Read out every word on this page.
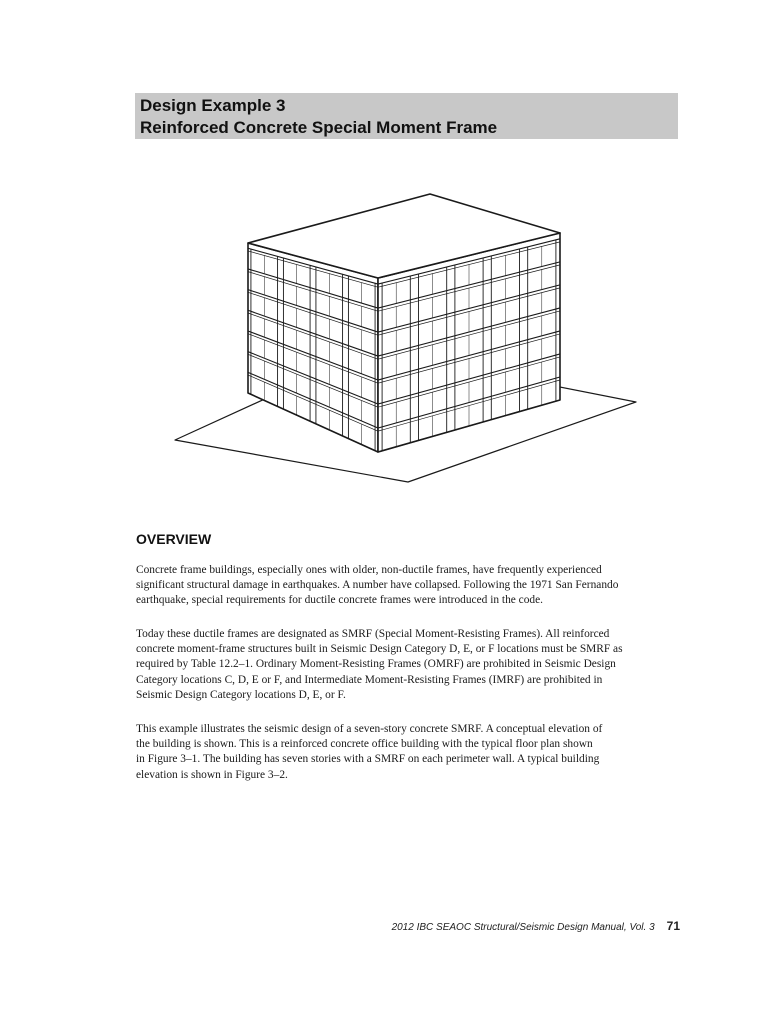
Design Example 3
Reinforced Concrete Special Moment Frame
OVERVIEW

Concrete frame buildings, especially ones with older, non-ductile frames, have frequently experienced
significant structural damage in earthquakes. A number have collapsed. Following the 1971 San Fernando
earthquake, special requirements for ductile concrete frames were introduced in the code.

Today these ductile frames are designated as SMRF (Special Moment-Resisting Frames). All reinforced
concrete moment-frame structures built in Seismic Design Category D, E, or F locations must be SMRF as
required by Table 12.2–1. Ordinary Moment-Resisting Frames (OMRF) are prohibited in Seismic Design
Category locations C, D, E or F, and Intermediate Moment-Resisting Frames (IMRF) are prohibited in
Seismic Design Category locations D, E, or F.

This example illustrates the seismic design of a seven-story concrete SMRF. A conceptual elevation of
the building is shown. This is a reinforced concrete office building with the typical floor plan shown
in Figure 3–1. The building has seven stories with a SMRF on each perimeter wall. A typical building
elevation is shown in Figure 3–2.

2012 IBC SEAOC Structural/Seismic Design Manual, Vol. 3 71
